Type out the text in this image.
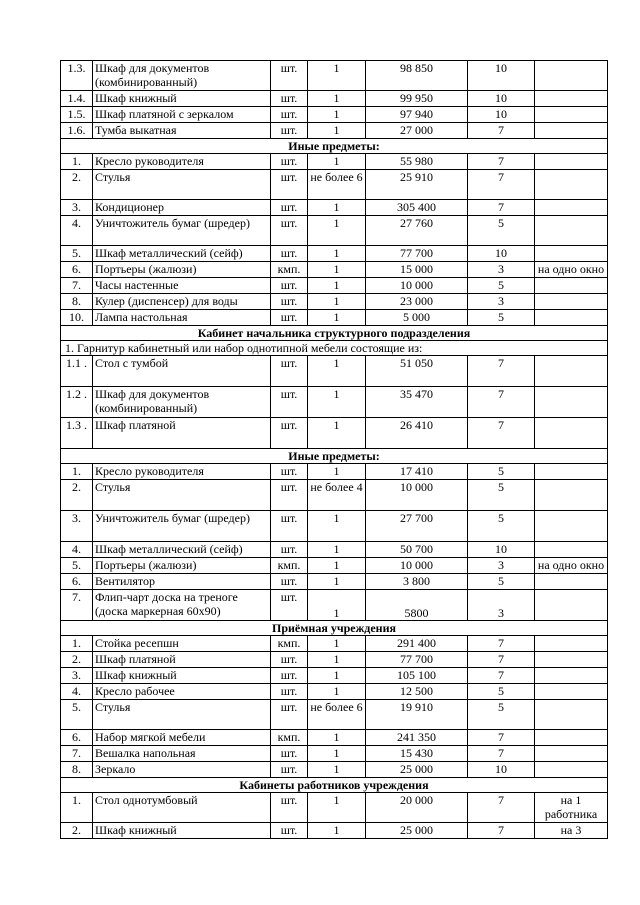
1.3.	Шкаф для документов (комбинированный)	шт.	1	98 850	10	
1.4.	Шкаф книжный	шт.	1	99 950	10	
1.5.	Шкаф платяной с зеркалом	шт.	1	97 940	10	
1.6.	Тумба выкатная	шт.	1	27 000	7	
Иные предметы:						
1.	Кресло руководителя	шт.	1	55 980	7	
2.	Стулья	шт.	не более 6	25 910	7	
3.	Кондиционер	шт.	1	305 400	7	
4.	Уничтожитель бумаг (шредер)	шт.	1	27 760	5	
5.	Шкаф металлический (сейф)	шт.	1	77 700	10	
6.	Портьеры (жалюзи)	кмп.	1	15 000	3	на одно окно
7.	Часы настенные	шт.	1	10 000	5	
8.	Кулер (диспенсер) для воды	шт.	1	23 000	3	
10.	Лампа настольная	шт.	1	5 000	5	
Кабинет начальника структурного подразделения						
1. Гарнитур кабинетный или набор однотипной мебели состоящие из:						
1.1 .	Стол с тумбой	шт.	1	51 050	7	
1.2 .	Шкаф для документов (комбинированный)	шт.	1	35 470	7	
1.3 .	Шкаф платяной	шт.	1	26 410	7	
Иные предметы:						
1.	Кресло руководителя	шт.	1	17 410	5	
2.	Стулья	шт.	не более 4	10 000	5	
3.	Уничтожитель бумаг (шредер)	шт.	1	27 700	5	
4.	Шкаф металлический (сейф)	шт.	1	50 700	10	
5.	Портьеры (жалюзи)	кмп.	1	10 000	3	на одно окно
6.	Вентилятор	шт.	1	3 800	5	
7.	Флип-чарт доска на треноге (доска маркерная 60х90)	шт.	1	5800	3	
Приёмная учреждения						
1.	Стойка ресепшн	кмп.	1	291 400	7	
2.	Шкаф платяной	шт.	1	77 700	7	
3.	Шкаф книжный	шт.	1	105 100	7	
4.	Кресло рабочее	шт.	1	12 500	5	
5.	Стулья	шт.	не более 6	19 910	5	
6.	Набор мягкой мебели	кмп.	1	241 350	7	
7.	Вешалка напольная	шт.	1	15 430	7	
8.	Зеркало	шт.	1	25 000	10	
Кабинеты работников учреждения						
1.	Стол однотумбовый	шт.	1	20 000	7	на 1 работника
2.	Шкаф книжный	шт.	1	25 000	7	на 3
